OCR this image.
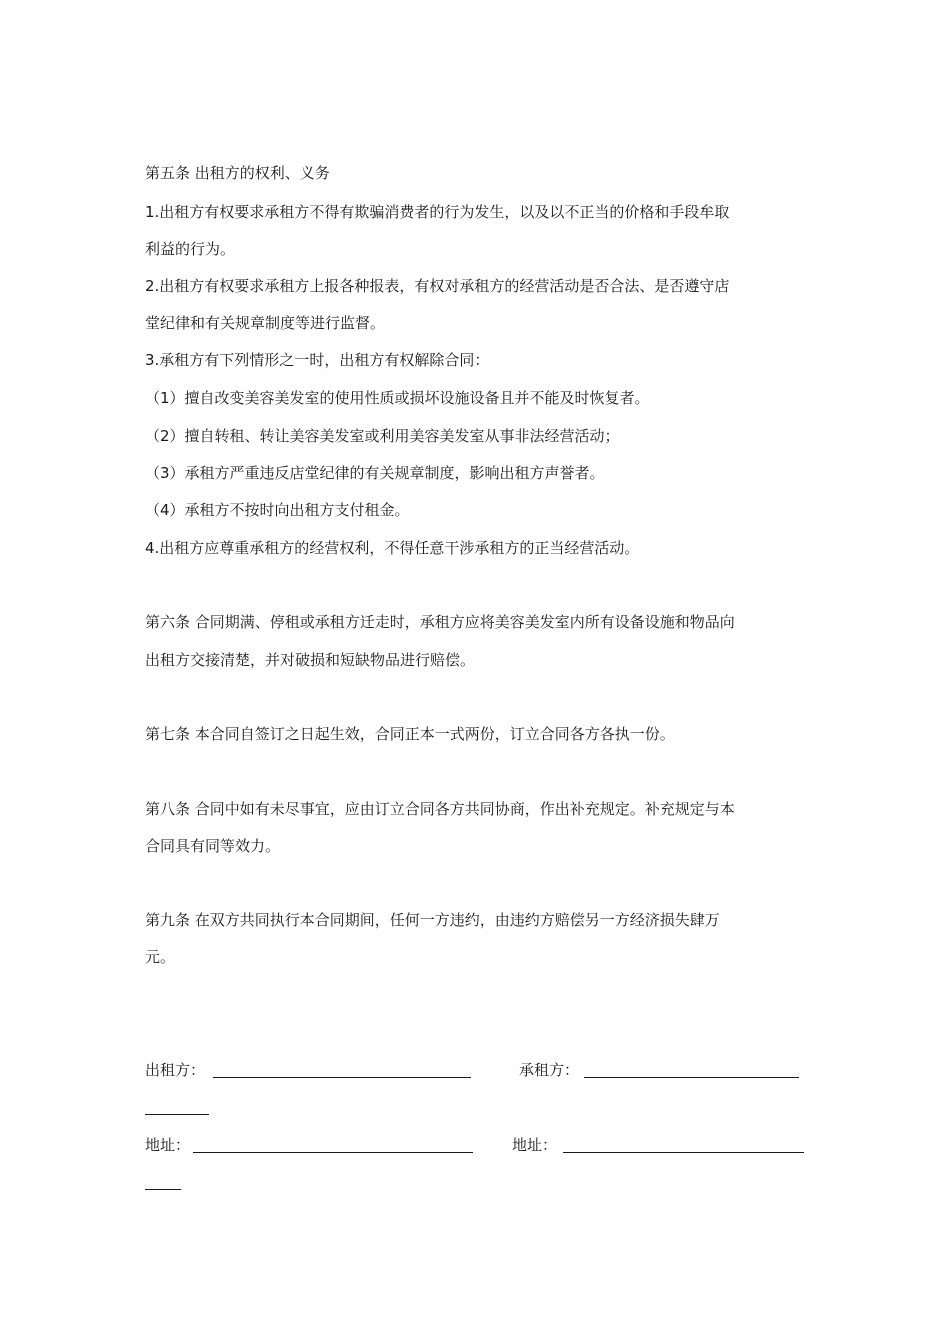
第五条 出租方的权利、义务
1.出租方有权要求承租方不得有欺骗消费者的行为发生，以及以不正当的价格和手段牟取
利益的行为。
2.出租方有权要求承租方上报各种报表，有权对承租方的经营活动是否合法、是否遵守店
堂纪律和有关规章制度等进行监督。
3.承租方有下列情形之一时，出租方有权解除合同：
（1）擅自改变美容美发室的使用性质或损坏设施设备且并不能及时恢复者。
（2）擅自转租、转让美容美发室或利用美容美发室从事非法经营活动；
（3）承租方严重违反店堂纪律的有关规章制度，影响出租方声誉者。
（4）承租方不按时向出租方支付租金。
4.出租方应尊重承租方的经营权利，不得任意干涉承租方的正当经营活动。
第六条 合同期满、停租或承租方迁走时，承租方应将美容美发室内所有设备设施和物品向
出租方交接清楚，并对破损和短缺物品进行赔偿。
第七条 本合同自签订之日起生效，合同正本一式两份，订立合同各方各执一份。
第八条 合同中如有未尽事宜，应由订立合同各方共同协商，作出补充规定。补充规定与本
合同具有同等效力。
第九条 在双方共同执行本合同期间，任何一方违约，由违约方赔偿另一方经济损失肆万
元。
出租方：	承租方：
地址：	地址：
